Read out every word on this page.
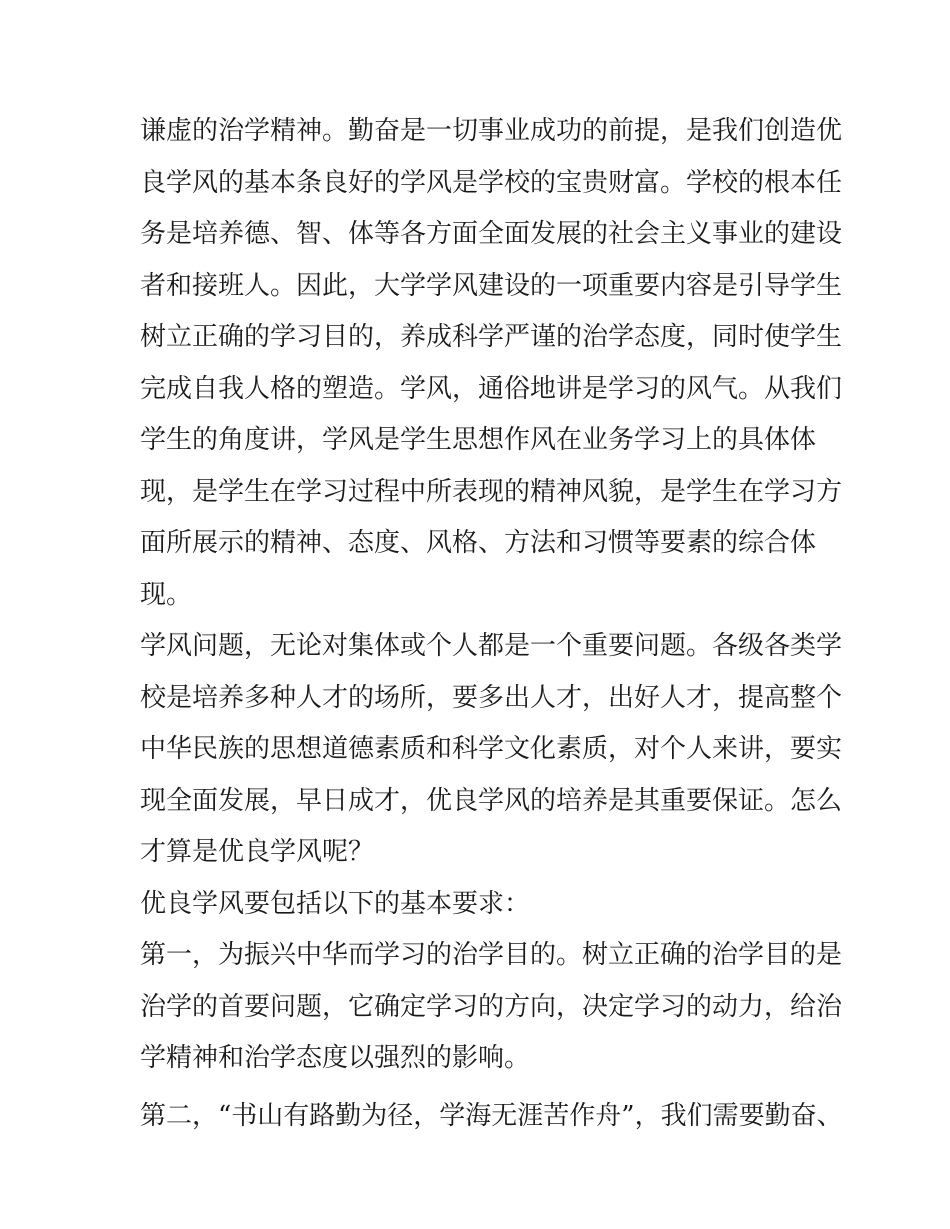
谦虚的治学精神。勤奋是一切事业成功的前提，是我们创造优
良学风的基本条良好的学风是学校的宝贵财富。学校的根本任
务是培养德、智、体等各方面全面发展的社会主义事业的建设
者和接班人。因此，大学学风建设的一项重要内容是引导学生
树立正确的学习目的，养成科学严谨的治学态度，同时使学生
完成自我人格的塑造。学风，通俗地讲是学习的风气。从我们
学生的角度讲，学风是学生思想作风在业务学习上的具体体
现，是学生在学习过程中所表现的精神风貌，是学生在学习方
面所展示的精神、态度、风格、方法和习惯等要素的综合体
现。
学风问题，无论对集体或个人都是一个重要问题。各级各类学
校是培养多种人才的场所，要多出人才，出好人才，提高整个
中华民族的思想道德素质和科学文化素质，对个人来讲，要实
现全面发展，早日成才，优良学风的培养是其重要保证。怎么
才算是优良学风呢？
优良学风要包括以下的基本要求：
第一，为振兴中华而学习的治学目的。树立正确的治学目的是
治学的首要问题，它确定学习的方向，决定学习的动力，给治
学精神和治学态度以强烈的影响。
第二，“书山有路勤为径，学海无涯苦作舟”，我们需要勤奋、
